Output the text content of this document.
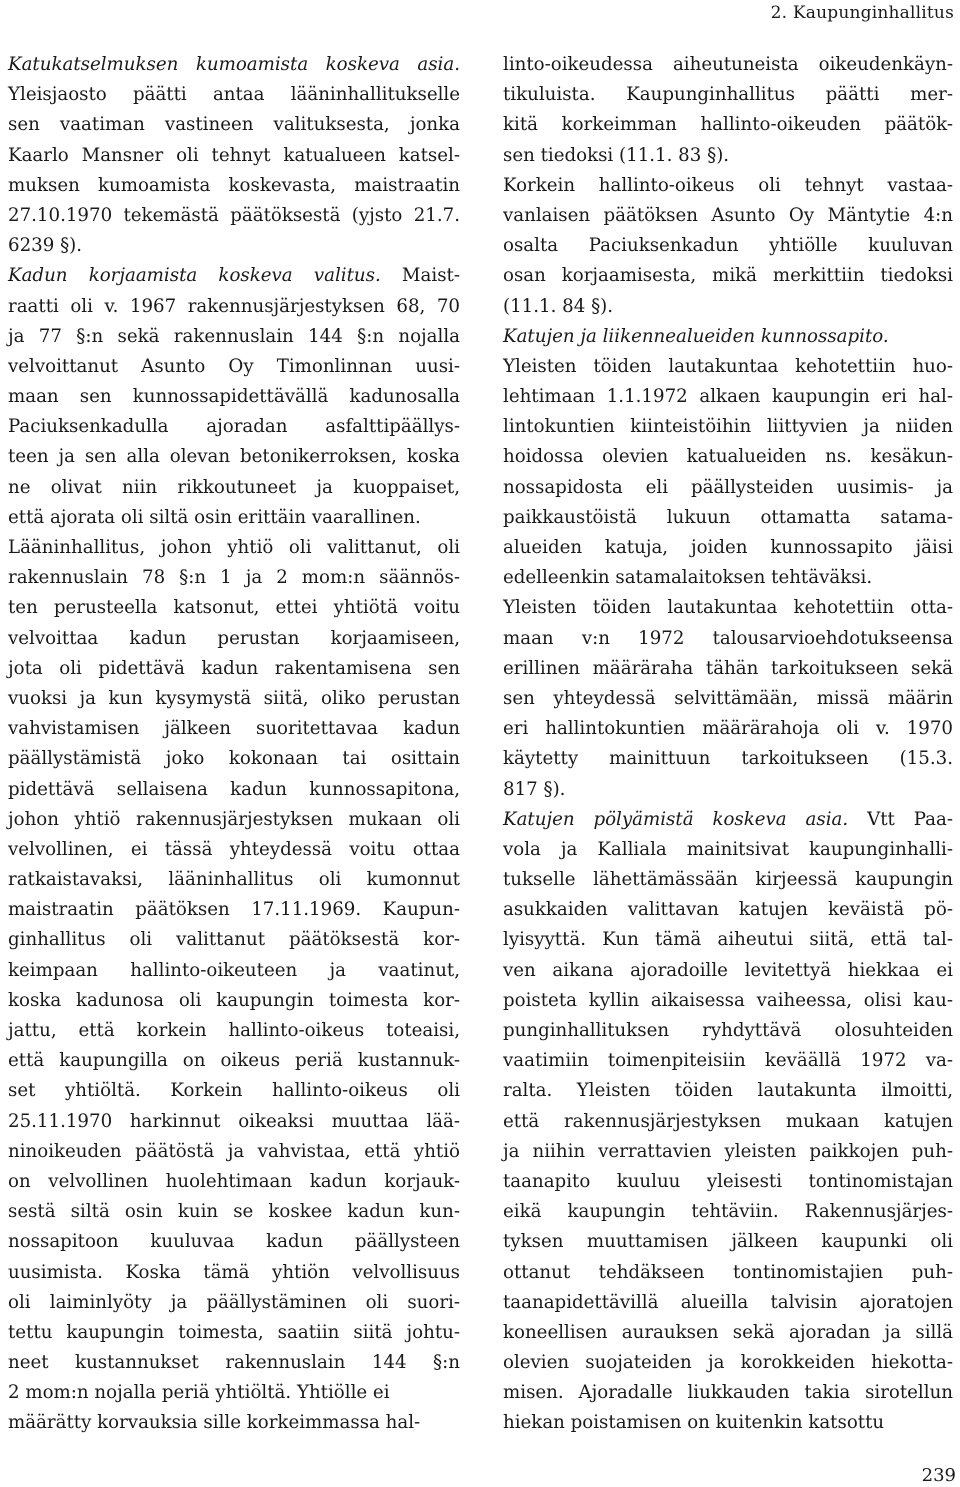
2. Kaupunginhallitus
Katukatselmuksen kumoamista koskeva asia.
Yleisjaosto päätti antaa lääninhallitukselle
sen vaatiman vastineen valituksesta, jonka
Kaarlo Mansner oli tehnyt katualueen katsel-
muksen kumoamista koskevasta, maistraatin
27.10.1970 tekemästä päätöksestä (yjsto 21.7.
6239 §).
Kadun korjaamista koskeva valitus. Maist-
raatti oli v. 1967 rakennusjärjestyksen 68, 70
ja 77 §:n sekä rakennuslain 144 §:n nojalla
velvoittanut Asunto Oy Timonlinnan uusi-
maan sen kunnossapidettävällä kadunosalla
Paciuksenkadulla ajoradan asfalttipäällys-
teen ja sen alla olevan betonikerroksen, koska
ne olivat niin rikkoutuneet ja kuoppaiset,
että ajorata oli siltä osin erittäin vaarallinen.
Lääninhallitus, johon yhtiö oli valittanut, oli
rakennuslain 78 §:n 1 ja 2 mom:n säännös-
ten perusteella katsonut, ettei yhtiötä voitu
velvoittaa kadun perustan korjaamiseen,
jota oli pidettävä kadun rakentamisena sen
vuoksi ja kun kysymystä siitä, oliko perustan
vahvistamisen jälkeen suoritettavaa kadun
päällystämistä joko kokonaan tai osittain
pidettävä sellaisena kadun kunnossapitona,
johon yhtiö rakennusjärjestyksen mukaan oli
velvollinen, ei tässä yhteydessä voitu ottaa
ratkaistavaksi, lääninhallitus oli kumonnut
maistraatin päätöksen 17.11.1969. Kaupun-
ginhallitus oli valittanut päätöksestä kor-
keimpaan hallinto-oikeuteen ja vaatinut,
koska kadunosa oli kaupungin toimesta kor-
jattu, että korkein hallinto-oikeus toteaisi,
että kaupungilla on oikeus periä kustannuk-
set yhtiöltä. Korkein hallinto-oikeus oli
25.11.1970 harkinnut oikeaksi muuttaa lää-
ninoikeuden päätöstä ja vahvistaa, että yhtiö
on velvollinen huolehtimaan kadun korjauk-
sestä siltä osin kuin se koskee kadun kun-
nossapitoon kuuluvaa kadun päällysteen
uusimista. Koska tämä yhtiön velvollisuus
oli laiminlyöty ja päällystäminen oli suori-
tettu kaupungin toimesta, saatiin siitä johtu-
neet kustannukset rakennuslain 144 §:n
2 mom:n nojalla periä yhtiöltä. Yhtiölle ei
määrätty korvauksia sille korkeimmassa hal-
linto-oikeudessa aiheutuneista oikeudenkäyn-
tikuluista. Kaupunginhallitus päätti mer-
kitä korkeimman hallinto-oikeuden päätök-
sen tiedoksi (11.1. 83 §).
Korkein hallinto-oikeus oli tehnyt vastaa-
vanlaisen päätöksen Asunto Oy Mäntytie 4:n
osalta Paciuksenkadun yhtiölle kuuluvan
osan korjaamisesta, mikä merkittiin tiedoksi
(11.1. 84 §).
Katujen ja liikennealueiden kunnossapito.
Yleisten töiden lautakuntaa kehotettiin huo-
lehtimaan 1.1.1972 alkaen kaupungin eri hal-
lintokuntien kiinteistöihin liittyvien ja niiden
hoidossa olevien katualueiden ns. kesäkun-
nossapidosta eli päällysteiden uusimis- ja
paikkaustöistä lukuun ottamatta satama-
alueiden katuja, joiden kunnossapito jäisi
edelleenkin satamalaitoksen tehtäväksi.
Yleisten töiden lautakuntaa kehotettiin otta-
maan v:n 1972 talousarvioehdotukseensa
erillinen määräraha tähän tarkoitukseen sekä
sen yhteydessä selvittämään, missä määrin
eri hallintokuntien määrärahoja oli v. 1970
käytetty mainittuun tarkoitukseen (15.3.
817 §).
Katujen pölyämistä koskeva asia. Vtt Paa-
vola ja Kalliala mainitsivat kaupunginhalli-
tukselle lähettämässään kirjeessä kaupungin
asukkaiden valittavan katujen keväistä pö-
lyisyyttä. Kun tämä aiheutui siitä, että tal-
ven aikana ajoradoille levitettyä hiekkaa ei
poisteta kyllin aikaisessa vaiheessa, olisi kau-
punginhallituksen ryhdyttävä olosuhteiden
vaatimiin toimenpiteisiin keväällä 1972 va-
ralta. Yleisten töiden lautakunta ilmoitti,
että rakennusjärjestyksen mukaan katujen
ja niihin verrattavien yleisten paikkojen puh-
taanapito kuuluu yleisesti tontinomistajan
eikä kaupungin tehtäviin. Rakennusjärjes-
tyksen muuttamisen jälkeen kaupunki oli
ottanut tehdäkseen tontinomistajien puh-
taanapidettävillä alueilla talvisin ajoratojen
koneellisen aurauksen sekä ajoradan ja sillä
olevien suojateiden ja korokkeiden hiekotta-
misen. Ajoradalle liukkauden takia sirotellun
hiekan poistamisen on kuitenkin katsottu
239
